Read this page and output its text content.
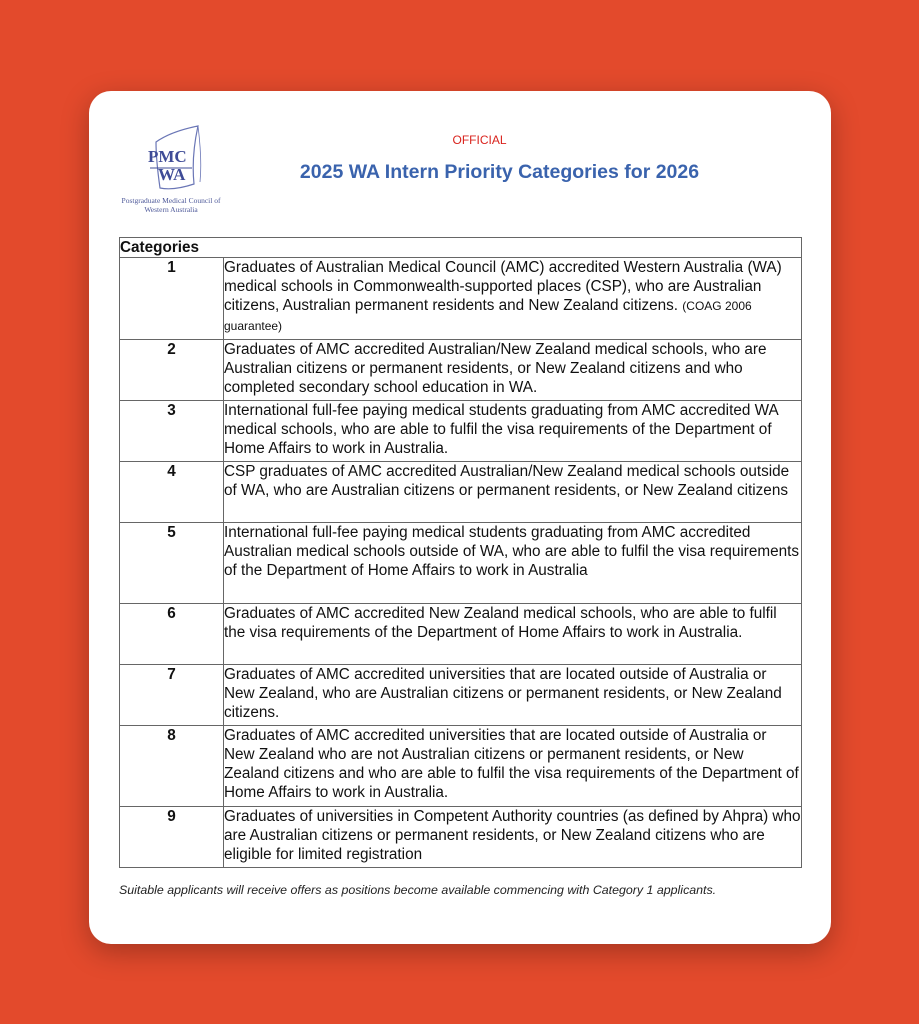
PMC
WA
Postgraduate Medical Council of Western Australia
OFFICIAL
2025 WA Intern Priority Categories for 2026
Categories	
1	Graduates of Australian Medical Council (AMC) accredited Western Australia (WA) medical schools in Commonwealth-supported places (CSP), who are Australian citizens, Australian permanent residents and New Zealand citizens. (COAG 2006 guarantee)
2	Graduates of AMC accredited Australian/New Zealand medical schools, who are Australian citizens or permanent residents, or New Zealand citizens and who completed secondary school education in WA.
3	International full-fee paying medical students graduating from AMC accredited WA medical schools, who are able to fulfil the visa requirements of the Department of Home Affairs to work in Australia.
4	CSP graduates of AMC accredited Australian/New Zealand medical schools outside of WA, who are Australian citizens or permanent residents, or New Zealand citizens
5	International full-fee paying medical students graduating from AMC accredited Australian medical schools outside of WA, who are able to fulfil the visa requirements of the Department of Home Affairs to work in Australia
6	Graduates of AMC accredited New Zealand medical schools, who are able to fulfil the visa requirements of the Department of Home Affairs to work in Australia.
7	Graduates of AMC accredited universities that are located outside of Australia or New Zealand, who are Australian citizens or permanent residents, or New Zealand citizens.
8	Graduates of AMC accredited universities that are located outside of Australia or New Zealand who are not Australian citizens or permanent residents, or New Zealand citizens and who are able to fulfil the visa requirements of the Department of Home Affairs to work in Australia.
9	Graduates of universities in Competent Authority countries (as defined by Ahpra) who are Australian citizens or permanent residents, or New Zealand citizens who are eligible for limited registration
Suitable applicants will receive offers as positions become available commencing with Category 1 applicants.
